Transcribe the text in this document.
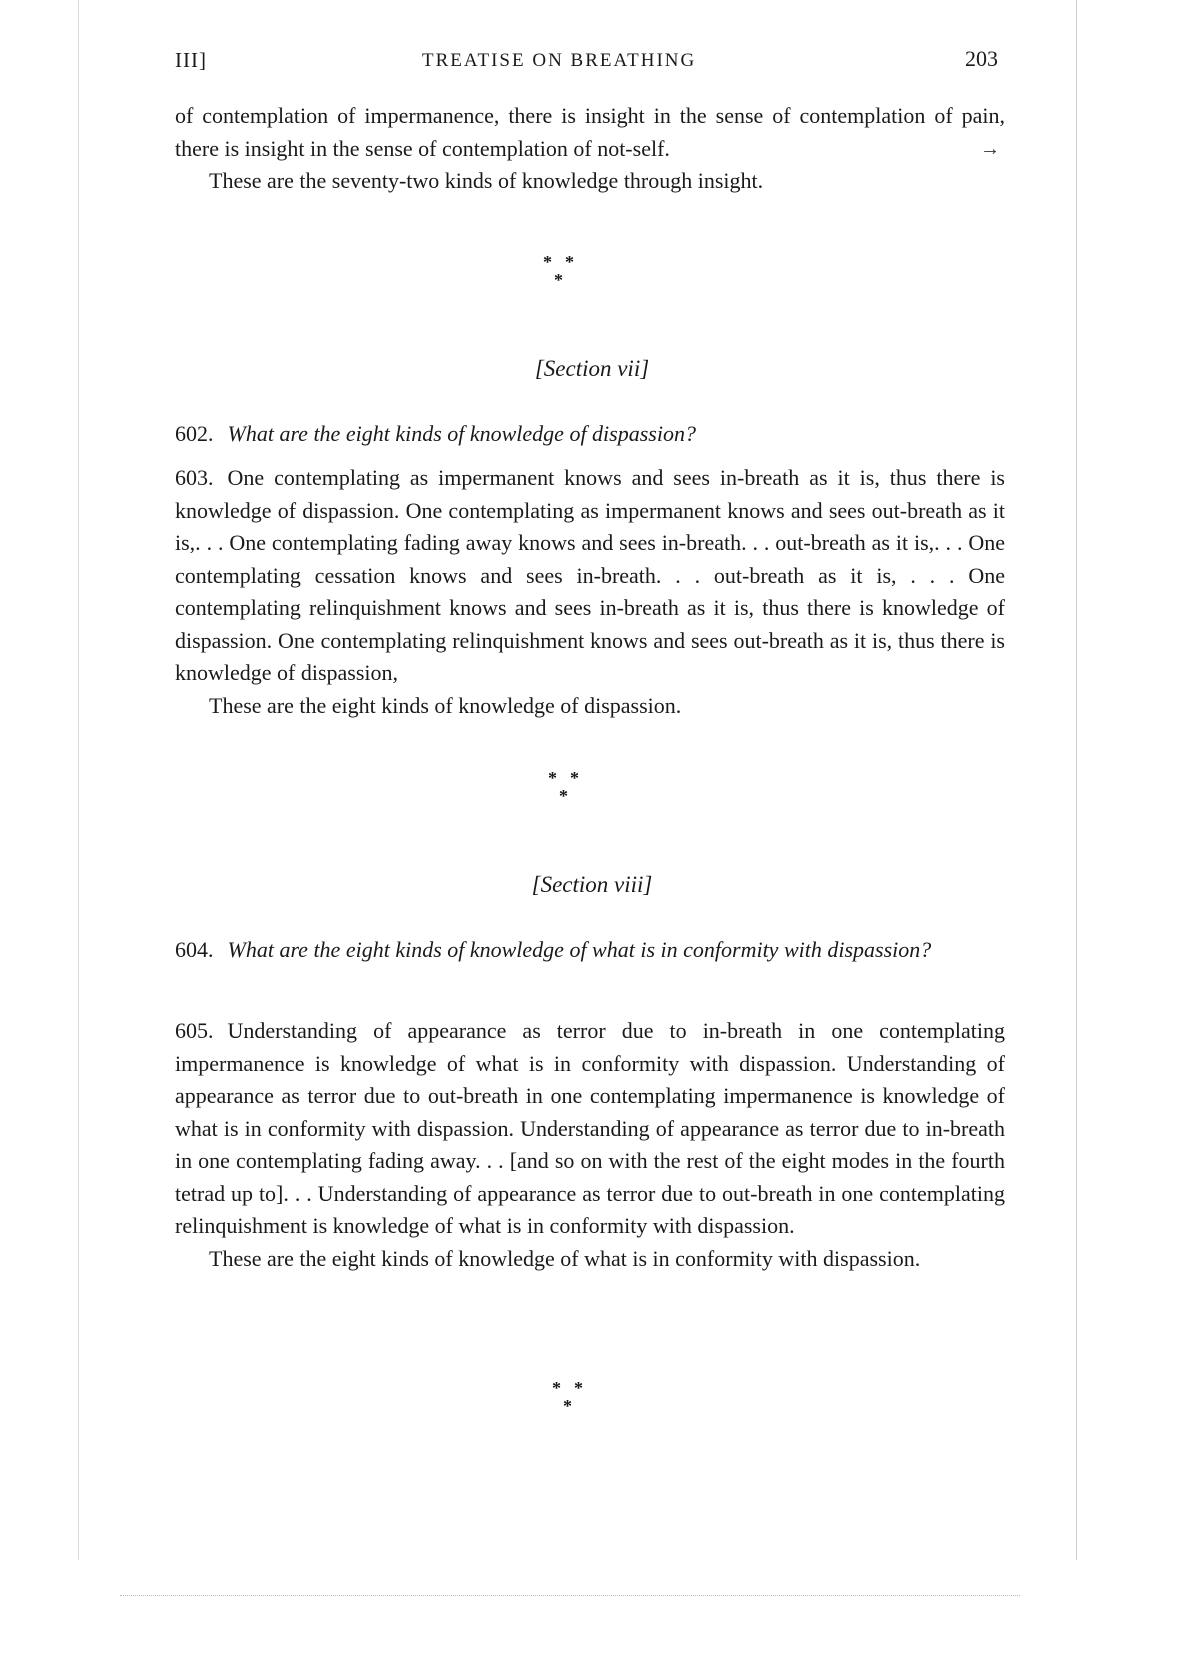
III]	TREATISE ON BREATHING	203

of contemplation of impermanence, there is insight in the sense of contemplation of pain, there is insight in the sense of contemplation of not-self.

These are the seventy-two kinds of knowledge through insight.

* *
*
[Section vii]

602. What are the eight kinds of knowledge of dispassion?

603. One contemplating as impermanent knows and sees in-breath as it is, thus there is knowledge of dispassion. One contemplating as impermanent knows and sees out-breath as it is,. . . One contemplating fading away knows and sees in-breath. . . out-breath as it is,. . . One contemplating cessation knows and sees in-breath. . . out-breath as it is, . . . One contemplating relinquishment knows and sees in-breath as it is, thus there is knowledge of dispassion. One contemplating relinquishment knows and sees out-breath as it is, thus there is knowledge of dispassion,

These are the eight kinds of knowledge of dispassion.

* *
*
[Section viii]

604. What are the eight kinds of knowledge of what is in conformity with dispassion?

605. Understanding of appearance as terror due to in-breath in one contemplating impermanence is knowledge of what is in conformity with dispassion. Understanding of appearance as terror due to out-breath in one contemplating impermanence is knowledge of what is in conformity with dispassion. Understanding of appearance as terror due to in-breath in one contemplating fading away. . . [and so on with the rest of the eight modes in the fourth tetrad up to]. . . Understanding of appearance as terror due to out-breath in one contemplating relinquishment is knowledge of what is in conformity with dispassion.

These are the eight kinds of knowledge of what is in conformity with dispassion.

* *
*
→
